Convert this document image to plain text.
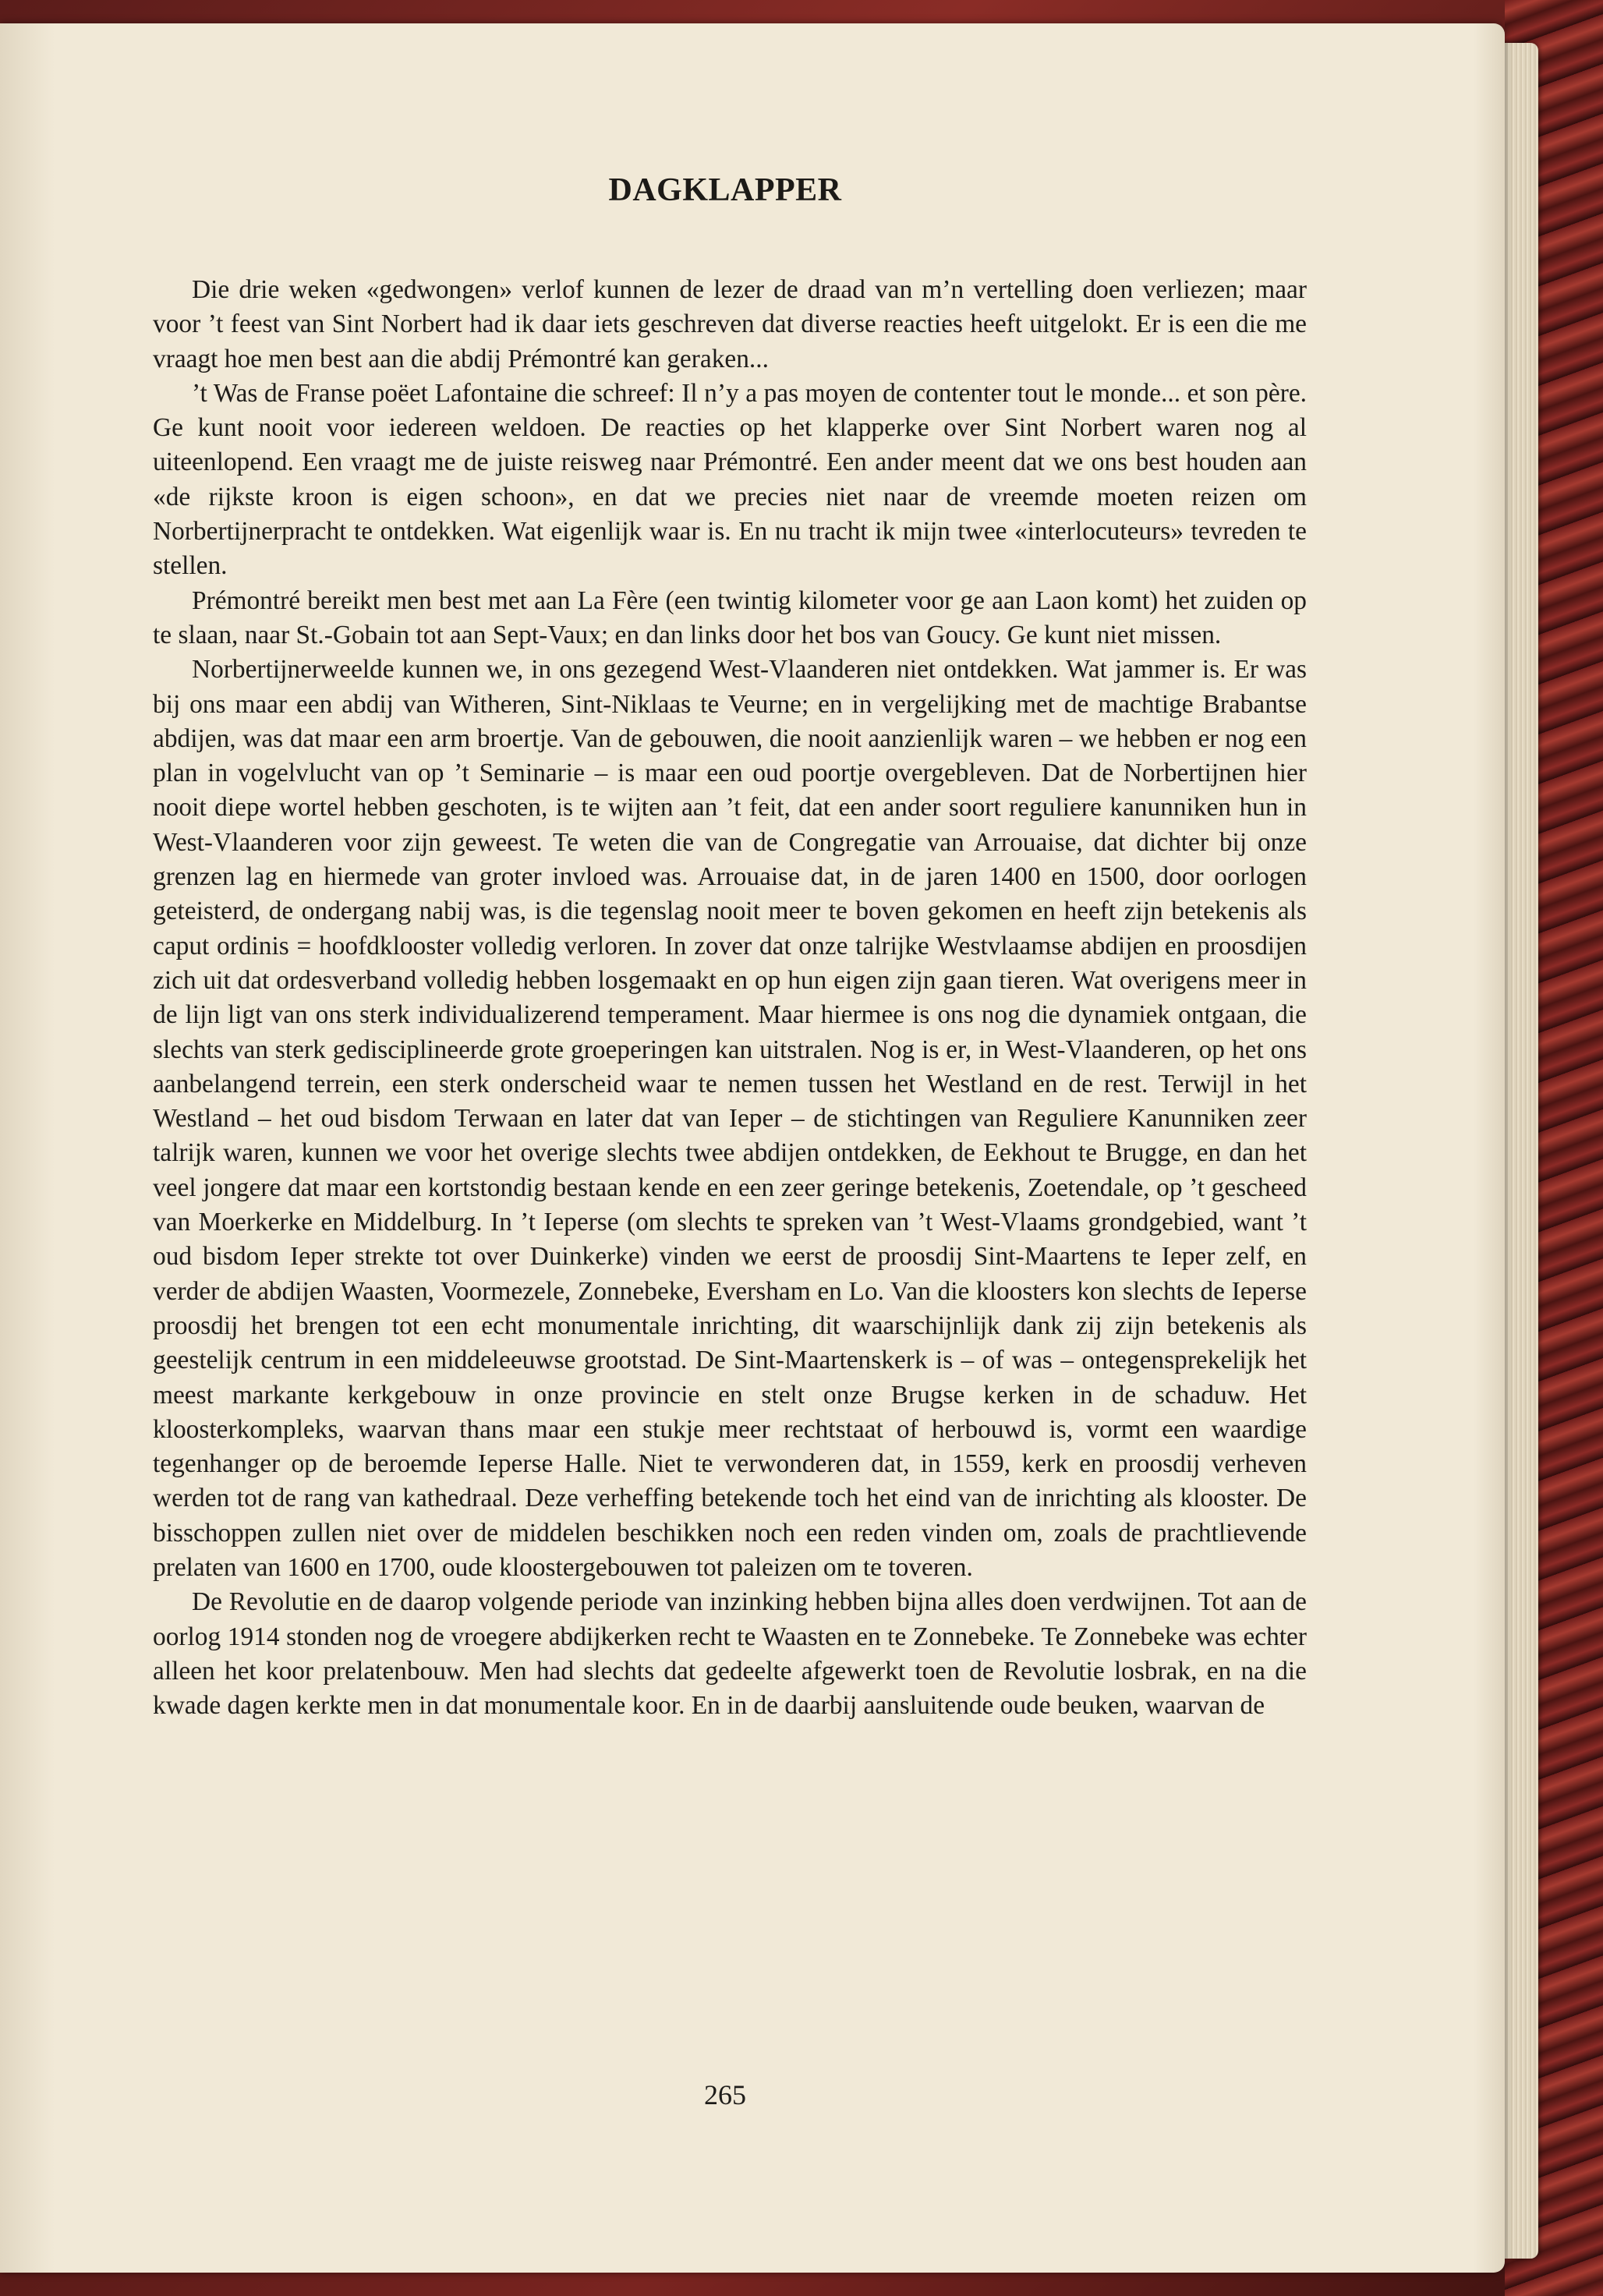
DAGKLAPPER

Die drie weken «gedwongen» verlof kunnen de lezer de draad van m’n vertelling doen verliezen; maar voor ’t feest van Sint Norbert had ik daar iets geschreven dat diverse reacties heeft uitgelokt. Er is een die me vraagt hoe men best aan die abdij Prémontré kan geraken...

’t Was de Franse poëet Lafontaine die schreef: Il n’y a pas moyen de contenter tout le monde... et son père. Ge kunt nooit voor iedereen weldoen. De reacties op het klapperke over Sint Norbert waren nog al uiteenlopend. Een vraagt me de juiste reisweg naar Prémontré. Een ander meent dat we ons best houden aan «de rijkste kroon is eigen schoon», en dat we precies niet naar de vreemde moeten reizen om Norbertijnerpracht te ontdekken. Wat eigenlijk waar is. En nu tracht ik mijn twee «interlocuteurs» tevreden te stellen.

Prémontré bereikt men best met aan La Fère (een twintig kilometer voor ge aan Laon komt) het zuiden op te slaan, naar St.-Gobain tot aan Sept-Vaux; en dan links door het bos van Goucy. Ge kunt niet missen.

Norbertijnerweelde kunnen we, in ons gezegend West-Vlaanderen niet ontdekken. Wat jammer is. Er was bij ons maar een abdij van Witheren, Sint-Niklaas te Veurne; en in vergelijking met de machtige Brabantse abdijen, was dat maar een arm broertje. Van de gebouwen, die nooit aanzienlijk waren – we hebben er nog een plan in vogelvlucht van op ’t Seminarie – is maar een oud poortje overgebleven. Dat de Norbertijnen hier nooit diepe wortel hebben geschoten, is te wijten aan ’t feit, dat een ander soort reguliere kanunniken hun in West-Vlaanderen voor zijn geweest. Te weten die van de Congregatie van Arrouaise, dat dichter bij onze grenzen lag en hiermede van groter invloed was. Arrouaise dat, in de jaren 1400 en 1500, door oorlogen geteisterd, de ondergang nabij was, is die tegenslag nooit meer te boven gekomen en heeft zijn betekenis als caput ordinis = hoofdklooster volledig verloren. In zover dat onze talrijke Westvlaamse abdijen en proosdijen zich uit dat ordesverband volledig hebben losgemaakt en op hun eigen zijn gaan tieren. Wat overigens meer in de lijn ligt van ons sterk individualizerend temperament. Maar hiermee is ons nog die dynamiek ontgaan, die slechts van sterk gedisciplineerde grote groeperingen kan uitstralen. Nog is er, in West-Vlaanderen, op het ons aanbelangend terrein, een sterk onderscheid waar te nemen tussen het Westland en de rest. Terwijl in het Westland – het oud bisdom Terwaan en later dat van Ieper – de stichtingen van Reguliere Kanunniken zeer talrijk waren, kunnen we voor het overige slechts twee abdijen ontdekken, de Eekhout te Brugge, en dan het veel jongere dat maar een kortstondig bestaan kende en een zeer geringe betekenis, Zoetendale, op ’t gescheed van Moerkerke en Middelburg. In ’t Ieperse (om slechts te spreken van ’t West-Vlaams grondgebied, want ’t oud bisdom Ieper strekte tot over Duinkerke) vinden we eerst de proosdij Sint-Maartens te Ieper zelf, en verder de abdijen Waasten, Voormezele, Zonnebeke, Eversham en Lo. Van die kloosters kon slechts de Ieperse proosdij het brengen tot een echt monumentale inrichting, dit waarschijnlijk dank zij zijn betekenis als geestelijk centrum in een middeleeuwse grootstad. De Sint-Maartenskerk is – of was – ontegensprekelijk het meest markante kerkgebouw in onze provincie en stelt onze Brugse kerken in de schaduw. Het kloosterkompleks, waarvan thans maar een stukje meer rechtstaat of herbouwd is, vormt een waardige tegenhanger op de beroemde Ieperse Halle. Niet te verwonderen dat, in 1559, kerk en proosdij verheven werden tot de rang van kathedraal. Deze verheffing betekende toch het eind van de inrichting als klooster. De bisschoppen zullen niet over de middelen beschikken noch een reden vinden om, zoals de prachtlievende prelaten van 1600 en 1700, oude kloostergebouwen tot paleizen om te toveren.

De Revolutie en de daarop volgende periode van inzinking hebben bijna alles doen verdwijnen. Tot aan de oorlog 1914 stonden nog de vroegere abdijkerken recht te Waasten en te Zonnebeke. Te Zonnebeke was echter alleen het koor prelatenbouw. Men had slechts dat gedeelte afgewerkt toen de Revolutie losbrak, en na die kwade dagen kerkte men in dat monumentale koor. En in de daarbij aansluitende oude beuken, waarvan de

265
